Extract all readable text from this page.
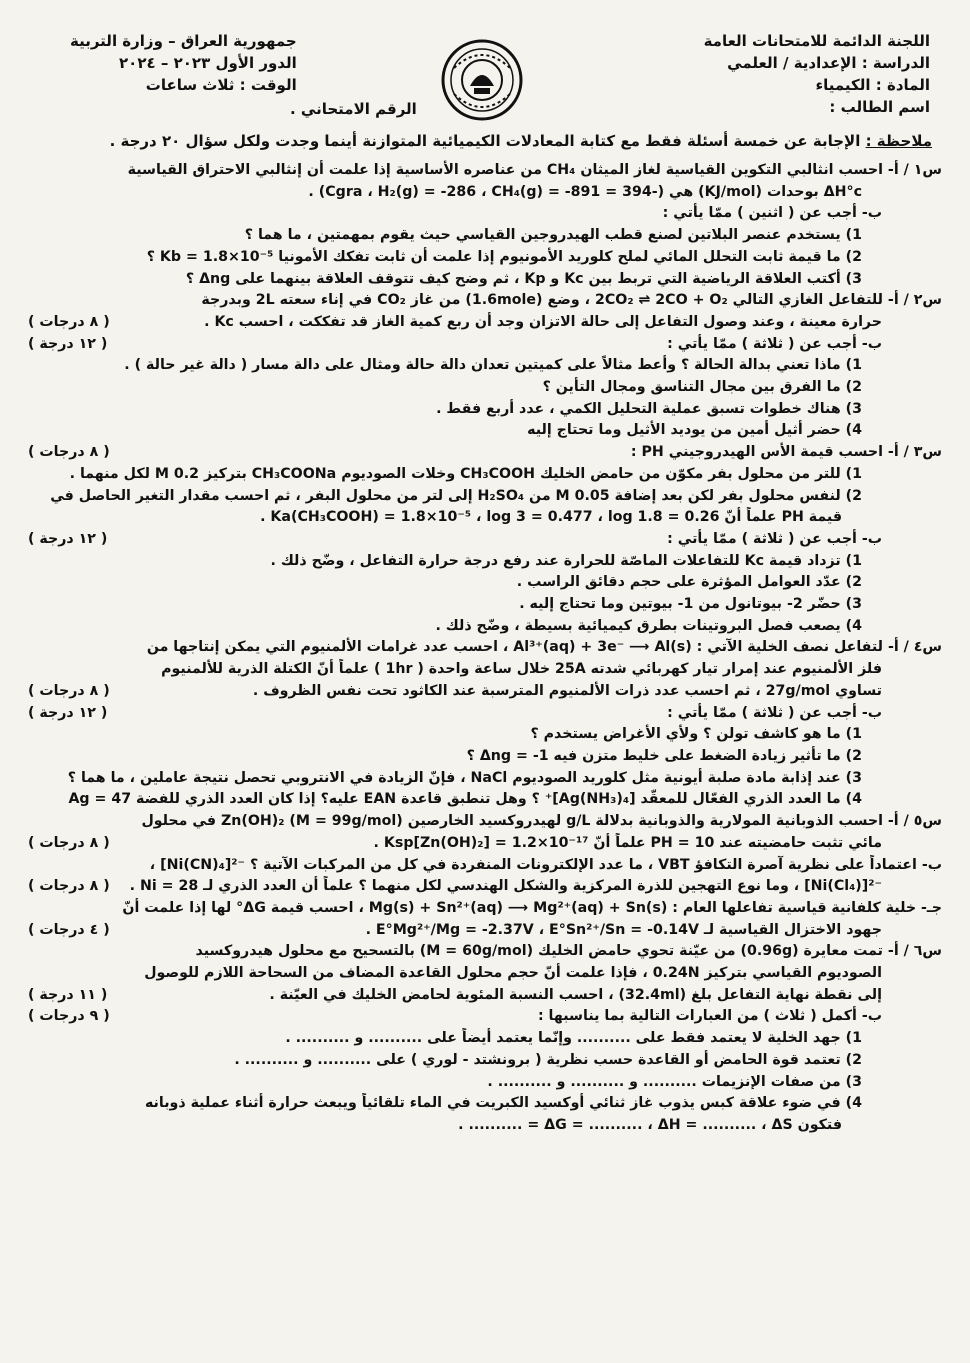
اللجنة الدائمة للامتحانات العامة
الدراسة : الإعدادية / العلمي
المادة : الكيمياء
اسم الطالب :
جمهورية العراق – وزارة التربية
الدور الأول ٢٠٢٣ – ٢٠٢٤
الوقت : ثلاث ساعات
الرقم الامتحاني .
ملاحظة : الإجابة عن خمسة أسئلة فقط مع كتابة المعادلات الكيميائية المتوازنة أينما وجدت ولكل سؤال ٢٠ درجة .
س١ / أ- احسب انثالبي التكوين القياسية لغاز الميثان CH₄ من عناصره الأساسية إذا علمت أن إنثالبي الاحتراق القياسية
ΔH°c بوحدات (KJ/mol) هي (-394 = Cgra ، H₂(g) = -286 ، CH₄(g) = -891) .
ب- أجب عن ( اثنين ) ممّا يأتي :
1) يستخدم عنصر البلاتين لصنع قطب الهيدروجين القياسي حيث يقوم بمهمتين ، ما هما ؟
2) ما قيمة ثابت التحلل المائي لملح كلوريد الأمونيوم إذا علمت أن ثابت تفكك الأمونيا Kb = 1.8×10⁻⁵ ؟
3) أكتب العلاقة الرياضية التي تربط بين Kc و Kp ، ثم وضح كيف تتوقف العلاقة بينهما على Δng ؟
س٢ / أ- للتفاعل الغازي التالي 2CO₂ ⇌ 2CO + O₂ ، وضع (1.6mole) من غاز CO₂ في إناء سعته 2L وبدرجة
( ٨ درجات )	حرارة معينة ، وعند وصول التفاعل إلى حالة الاتزان وجد أن ربع كمية الغاز قد تفككت ، احسب Kc .
( ١٢ درجة )	ب- أجب عن ( ثلاثة ) ممّا يأتي :
1) ماذا تعني بدالة الحالة ؟ وأعط مثالاً على كميتين تعدان دالة حالة ومثال على دالة مسار ( دالة غير حالة ) .
2) ما الفرق بين مجال التناسق ومجال التأين ؟
3) هناك خطوات تسبق عملية التحليل الكمي ، عدد أربع فقط .
4) حضر أثيل أمين من يوديد الأثيل وما تحتاج إليه
( ٨ درجات )	س٣ / أ- احسب قيمة الأس الهيدروجيني PH :
1) للتر من محلول بفر مكوّن من حامض الخليك CH₃COOH وخلات الصوديوم CH₃COONa بتركيز 0.2 M لكل منهما .
2) لنفس محلول بفر لكن بعد إضافة 0.05 M من H₂SO₄ إلى لتر من محلول البفر ، ثم احسب مقدار التغير الحاصل في
قيمة PH علماً أنّ Ka(CH₃COOH) = 1.8×10⁻⁵ ، log 3 = 0.477 ، log 1.8 = 0.26 .
( ١٢ درجة )	ب- أجب عن ( ثلاثة ) ممّا يأتي :
1) تزداد قيمة Kc للتفاعلات الماصّة للحرارة عند رفع درجة حرارة التفاعل ، وضّح ذلك .
2) عدّد العوامل المؤثرة على حجم دقائق الراسب .
3) حضّر 2- بيوتانول من 1- بيوتين وما تحتاج إليه .
4) يصعب فصل البروتينات بطرق كيميائية بسيطة ، وضّح ذلك .
س٤ / أ- لتفاعل نصف الخلية الآتي : Al³⁺(aq) + 3e⁻ ⟶ Al(s) ، احسب عدد غرامات الألمنيوم التي يمكن إنتاجها من
فلز الألمنيوم عند إمرار تيار كهربائي شدته 25A خلال ساعة واحدة ( 1hr ) علماً أنّ الكتلة الذرية للألمنيوم
( ٨ درجات )	تساوي 27g/mol ، ثم احسب عدد ذرات الألمنيوم المترسبة عند الكاثود تحت نفس الظروف .
( ١٢ درجة )	ب- أجب عن ( ثلاثة ) ممّا يأتي :
1) ما هو كاشف تولن ؟ ولأي الأغراض يستخدم ؟
2) ما تأثير زيادة الضغط على خليط متزن فيه Δng = -1 ؟
3) عند إذابة مادة صلبة أيونية مثل كلوريد الصوديوم NaCl ، فإنّ الزيادة في الانتروبي تحصل نتيجة عاملين ، ما هما ؟
4) ما العدد الذري الفعّال للمعقّد [Ag(NH₃)₄]⁺ ؟ وهل تنطبق قاعدة EAN عليه؟ إذا كان العدد الذري للفضة Ag = 47
س٥ / أ- احسب الذوبانية المولارية والذوبانية بدلالة g/L لهيدروكسيد الخارصين Zn(OH)₂ (M = 99g/mol) في محلول
( ٨ درجات )	مائي تثبت حامضيته عند PH = 10 علماً أنّ Ksp[Zn(OH)₂] = 1.2×10⁻¹⁷ .
ب- اعتماداً على نظرية آصرة التكافؤ VBT ، ما عدد الإلكترونات المنفردة في كل من المركبات الآتية ؟ ⁻²[Ni(CN)₄] ،
( ٨ درجات ) ⁻²[Ni(Cl₄)] ، وما نوع التهجين للذرة المركزية والشكل الهندسي لكل منهما ؟ علماً أن العدد الذري لـ Ni = 28 .
جـ- خلية كلفانية قياسية تفاعلها العام : Mg(s) + Sn²⁺(aq) ⟶ Mg²⁺(aq) + Sn(s) ، احسب قيمة ΔG° لها إذا علمت أنّ
( ٤ درجات )	جهود الاختزال القياسية لـ E°Mg²⁺/Mg = -2.37V ، E°Sn²⁺/Sn = -0.14V .
س٦ / أ- تمت معايرة (0.96g) من عيّنة تحوي حامض الخليك (M = 60g/mol) بالتسحيح مع محلول هيدروكسيد
الصوديوم القياسي بتركيز 0.24N ، فإذا علمت أنّ حجم محلول القاعدة المضاف من السحاحة اللازم للوصول
( ١١ درجة )	إلى نقطة نهاية التفاعل بلغ (32.4ml) ، احسب النسبة المئوية لحامض الخليك في العيّنة .
( ٩ درجات )	ب- أكمل ( ثلاث ) من العبارات التالية بما يناسبها :
1) جهد الخلية لا يعتمد فقط على .......... وإنّما يعتمد أيضاً على .......... و .......... .
2) تعتمد قوة الحامض أو القاعدة حسب نظرية ( برونشتد - لوري ) على .......... و .......... .
3) من صفات الإنزيمات .......... و .......... و .......... .
4) في ضوء علاقة كبس يذوب غاز ثنائي أوكسيد الكبريت في الماء تلقائياً ويبعث حرارة أثناء عملية ذوبانه
فتكون ΔG = .......... ، ΔH = .......... ، ΔS = .......... .
